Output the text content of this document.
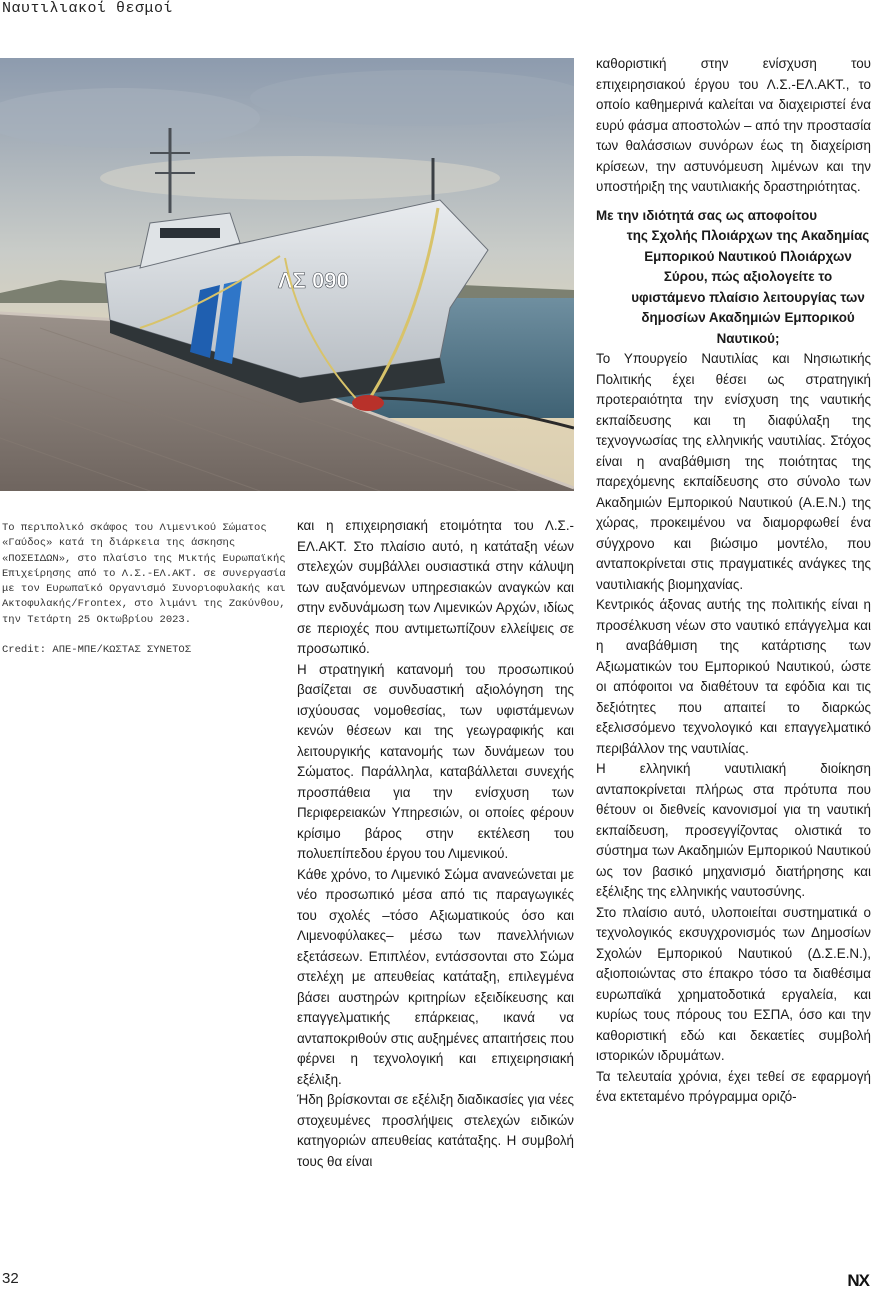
Ναυτιλιακοί θεσμοί
ΛΣ 090

Το περιπολικό σκάφος του Λιμενικού Σώματος «Γαύδος» κατά τη διάρκεια της άσκησης «ΠΟΣΕΙΔΩΝ», στο πλαίσιο της Μικτής Ευρωπαϊκής Επιχείρησης από το Λ.Σ.-ΕΛ.ΑΚΤ. σε συνεργασία με τον Ευρωπαϊκό Οργανισμό Συνοριοφυλακής και Ακτοφυλακής/Frontex, στο λιμάνι της Ζακύνθου, την Τετάρτη 25 Οκτωβρίου 2023.

Credit: ΑΠΕ-ΜΠΕ/ΚΩΣΤΑΣ ΣΥΝΕΤΟΣ

και η επιχειρησιακή ετοιμότητα του Λ.Σ.-ΕΛ.ΑΚΤ. Στο πλαίσιο αυτό, η κατάταξη νέων στελεχών συμβάλλει ουσιαστικά στην κάλυψη των αυξανόμενων υπηρεσιακών αναγκών και στην ενδυνάμωση των Λιμενικών Αρχών, ιδίως σε περιοχές που αντιμετωπίζουν ελλείψεις σε προσωπικό.

Η στρατηγική κατανομή του προσωπικού βασίζεται σε συνδυαστική αξιολόγηση της ισχύουσας νομοθεσίας, των υφιστάμενων κενών θέσεων και της γεωγραφικής και λειτουργικής κατανομής των δυνάμεων του Σώματος. Παράλληλα, καταβάλλεται συνεχής προσπάθεια για την ενίσχυση των Περιφερειακών Υπηρεσιών, οι οποίες φέρουν κρίσιμο βάρος στην εκτέλεση του πολυεπίπεδου έργου του Λιμενικού.

Κάθε χρόνο, το Λιμενικό Σώμα ανανεώνεται με νέο προσωπικό μέσα από τις παραγωγικές του σχολές –τόσο Αξιωματικούς όσο και Λιμενοφύλακες– μέσω των πανελλήνιων εξετάσεων. Επιπλέον, εντάσσονται στο Σώμα στελέχη με απευθείας κατάταξη, επιλεγμένα βάσει αυστηρών κριτηρίων εξειδίκευσης και επαγγελματικής επάρκειας, ικανά να ανταποκριθούν στις αυξημένες απαιτήσεις που φέρνει η τεχνολογική και επιχειρησιακή εξέλιξη.

Ήδη βρίσκονται σε εξέλιξη διαδικασίες για νέες στοχευμένες προσλήψεις στελεχών ειδικών κατηγοριών απευθείας κατάταξης. Η συμβολή τους θα είναι

καθοριστική στην ενίσχυση του επιχειρησιακού έργου του Λ.Σ.-ΕΛ.ΑΚΤ., το οποίο καθημερινά καλείται να διαχειριστεί ένα ευρύ φάσμα αποστολών – από την προστασία των θαλάσσιων συνόρων έως τη διαχείριση κρίσεων, την αστυνόμευση λιμένων και την υποστήριξη της ναυτιλιακής δραστηριότητας.

Με την ιδιότητά σας ως αποφοίτου
της Σχολής Πλοιάρχων της Ακαδημίας Εμπορικού Ναυτικού Πλοιάρχων Σύρου, πώς αξιολογείτε το υφιστάμενο πλαίσιο λειτουργίας των δημοσίων Ακαδημιών Εμπορικού Ναυτικού;

Το Υπουργείο Ναυτιλίας και Νησιωτικής Πολιτικής έχει θέσει ως στρατηγική προτεραιότητα την ενίσχυση της ναυτικής εκπαίδευσης και τη διαφύλαξη της τεχνογνωσίας της ελληνικής ναυτιλίας. Στόχος είναι η αναβάθμιση της ποιότητας της παρεχόμενης εκπαίδευσης στο σύνολο των Ακαδημιών Εμπορικού Ναυτικού (Α.Ε.Ν.) της χώρας, προκειμένου να διαμορφωθεί ένα σύγχρονο και βιώσιμο μοντέλο, που ανταποκρίνεται στις πραγματικές ανάγκες της ναυτιλιακής βιομηχανίας.

Κεντρικός άξονας αυτής της πολιτικής είναι η προσέλκυση νέων στο ναυτικό επάγγελμα και η αναβάθμιση της κατάρτισης των Αξιωματικών του Εμπορικού Ναυτικού, ώστε οι απόφοιτοι να διαθέτουν τα εφόδια και τις δεξιότητες που απαιτεί το διαρκώς εξελισσόμενο τεχνολογικό και επαγγελματικό περιβάλλον της ναυτιλίας.

Η ελληνική ναυτιλιακή διοίκηση ανταποκρίνεται πλήρως στα πρότυπα που θέτουν οι διεθνείς κανονισμοί για τη ναυτική εκπαίδευση, προσεγγίζοντας ολιστικά το σύστημα των Ακαδημιών Εμπορικού Ναυτικού ως τον βασικό μηχανισμό διατήρησης και εξέλιξης της ελληνικής ναυτοσύνης.

Στο πλαίσιο αυτό, υλοποιείται συστηματικά ο τεχνολογικός εκσυγχρονισμός των Δημοσίων Σχολών Εμπορικού Ναυτικού (Δ.Σ.Ε.Ν.), αξιοποιώντας στο έπακρο τόσο τα διαθέσιμα ευρωπαϊκά χρηματοδοτικά εργαλεία, και κυρίως τους πόρους του ΕΣΠΑ, όσο και την καθοριστική εδώ και δεκαετίες συμβολή ιστορικών ιδρυμάτων.

Τα τελευταία χρόνια, έχει τεθεί σε εφαρμογή ένα εκτεταμένο πρόγραμμα οριζό-

32	NX
